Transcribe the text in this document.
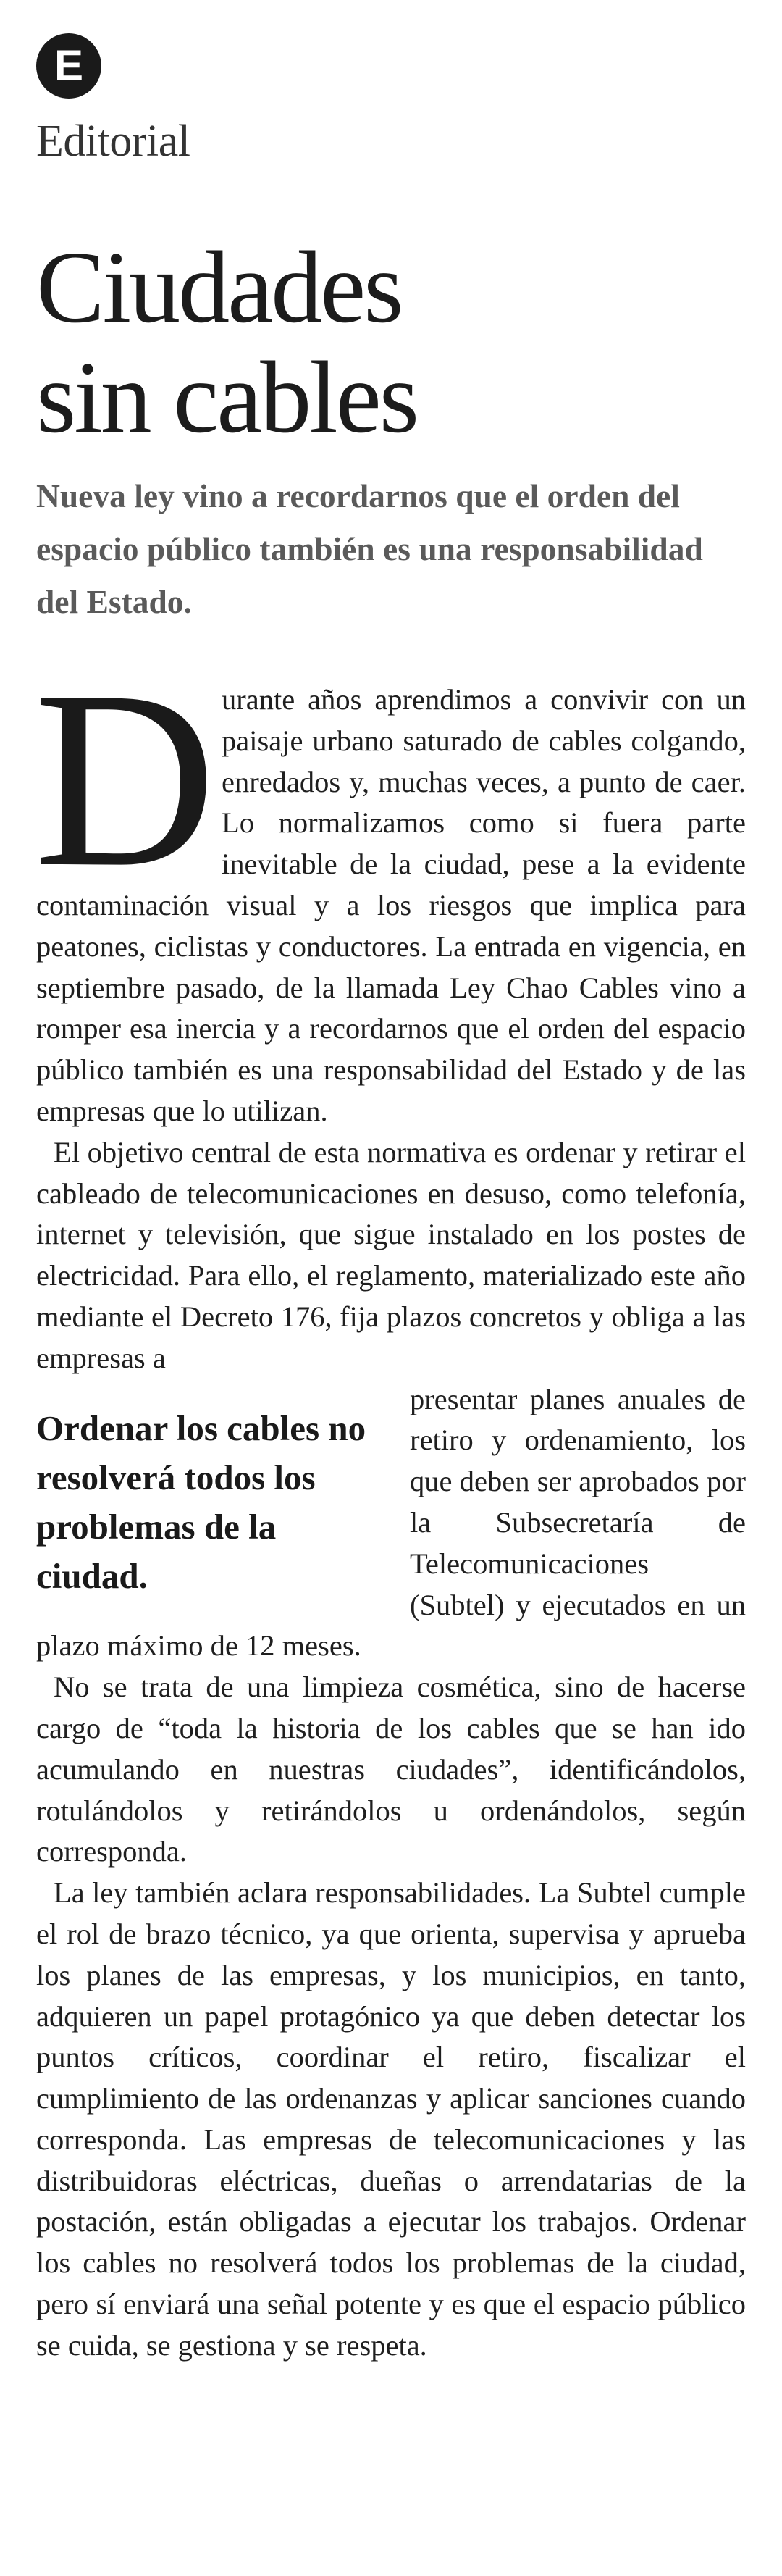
E
Editorial
Ciudades
sin cables

Nueva ley vino a recordarnos que el orden del espacio público también es una responsabilidad del Estado.

D urante años aprendimos a convivir con un paisaje urbano saturado de cables colgando, enredados y, muchas veces, a punto de caer. Lo normalizamos como si fuera parte inevitable de la ciudad, pese a la evidente contaminación visual y a los riesgos que implica para peatones, ciclistas y conductores. La entrada en vigencia, en septiembre pasado, de la llamada Ley Chao Cables vino a romper esa inercia y a recordarnos que el orden del espacio público también es una responsabilidad del Estado y de las empresas que lo utilizan.

El objetivo central de esta normativa es ordenar y retirar el cableado de telecomunicaciones en desuso, como telefonía, internet y televisión, que sigue instalado en los postes de electricidad. Para ello, el reglamento, materializado este año mediante el Decreto 176, fija plazos concretos y obliga a las empresas a

Ordenar los cables no resolverá todos los problemas de la ciudad.

presentar planes anuales de retiro y ordenamiento, los que deben ser aprobados por la Subsecretaría de Telecomunicaciones (Subtel) y ejecutados en un plazo máximo de 12 meses.

No se trata de una limpieza cosmética, sino de hacerse cargo de “toda la historia de los cables que se han ido acumulando en nuestras ciudades”, identificándolos, rotulándolos y retirándolos u ordenándolos, según corresponda.

La ley también aclara responsabilidades. La Subtel cumple el rol de brazo técnico, ya que orienta, supervisa y aprueba los planes de las empresas, y los municipios, en tanto, adquieren un papel protagónico ya que deben detectar los puntos críticos, coordinar el retiro, fiscalizar el cumplimiento de las ordenanzas y aplicar sanciones cuando corresponda. Las empresas de telecomunicaciones y las distribuidoras eléctricas, dueñas o arrendatarias de la postación, están obligadas a ejecutar los trabajos. Ordenar los cables no resolverá todos los problemas de la ciudad, pero sí enviará una señal potente y es que el espacio público se cuida, se gestiona y se respeta.
